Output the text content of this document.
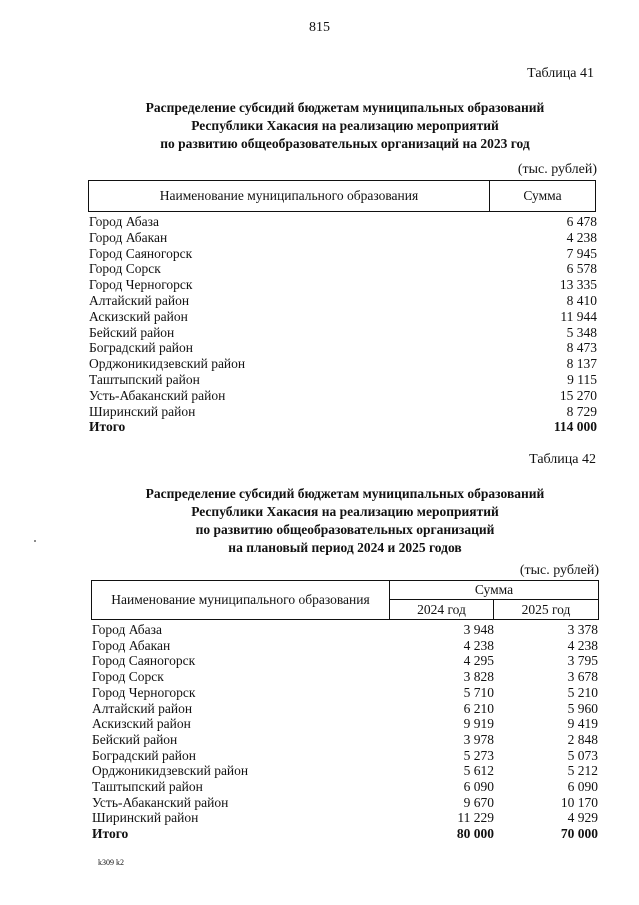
815
Таблица 41
Распределение субсидий бюджетам муниципальных образований
Республики Хакасия на реализацию мероприятий
по развитию общеобразовательных организаций на 2023 год
(тыс. рублей)
Наименование муниципального образования	Сумма
Город Абаза	6 478
Город Абакан	4 238
Город Саяногорск	7 945
Город Сорск	6 578
Город Черногорск	13 335
Алтайский район	8 410
Аскизский район	11 944
Бейский район	5 348
Боградский район	8 473
Орджоникидзевский район	8 137
Таштыпский район	9 115
Усть-Абаканский район	15 270
Ширинский район	8 729
Итого	114 000
Таблица 42
Распределение субсидий бюджетам муниципальных образований
Республики Хакасия на реализацию мероприятий
по развитию общеобразовательных организаций
на плановый период 2024 и 2025 годов
(тыс. рублей)
Наименование муниципального образования
Сумма
2024 год	2025 год
Город Абаза	3 948	3 378
Город Абакан	4 238	4 238
Город Саяногорск	4 295	3 795
Город Сорск	3 828	3 678
Город Черногорск	5 710	5 210
Алтайский район	6 210	5 960
Аскизский район	9 919	9 419
Бейский район	3 978	2 848
Боградский район	5 273	5 073
Орджоникидзевский район	5 612	5 212
Таштыпский район	6 090	6 090
Усть-Абаканский район	9 670	10 170
Ширинский район	11 229	4 929
Итого	80 000	70 000
k309 k2
